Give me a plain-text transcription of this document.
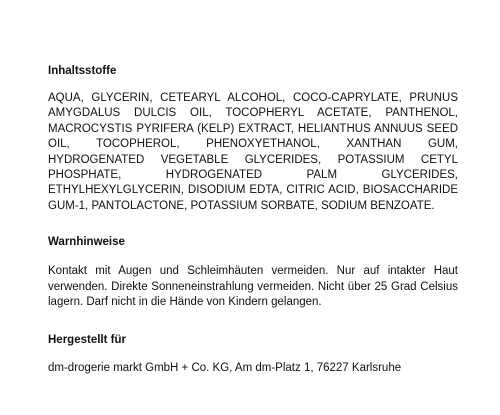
Inhaltsstoffe

AQUA, GLYCERIN, CETEARYL ALCOHOL, COCO-CAPRYLATE, PRUNUS AMYGDALUS DULCIS OIL, TOCOPHERYL ACETATE, PANTHENOL, MACROCYSTIS PYRIFERA (KELP) EXTRACT, HELIANTHUS ANNUUS SEED OIL, TOCOPHEROL, PHENOXYETHANOL, XANTHAN GUM, HYDROGENATED VEGETABLE GLYCERIDES, POTASSIUM CETYL PHOSPHATE, HYDROGENATED PALM GLYCERIDES, ETHYLHEXYLGLYCERIN, DISODIUM EDTA, CITRIC ACID, BIOSACCHARIDE GUM-1, PANTOLACTONE, POTASSIUM SORBATE, SODIUM BENZOATE.

Warnhinweise

Kontakt mit Augen und Schleimhäuten vermeiden. Nur auf intakter Haut verwenden. Direkte Sonneneinstrahlung vermeiden. Nicht über 25 Grad Celsius lagern. Darf nicht in die Hände von Kindern gelangen.

Hergestellt für

dm-drogerie markt GmbH + Co. KG, Am dm-Platz 1, 76227 Karlsruhe
